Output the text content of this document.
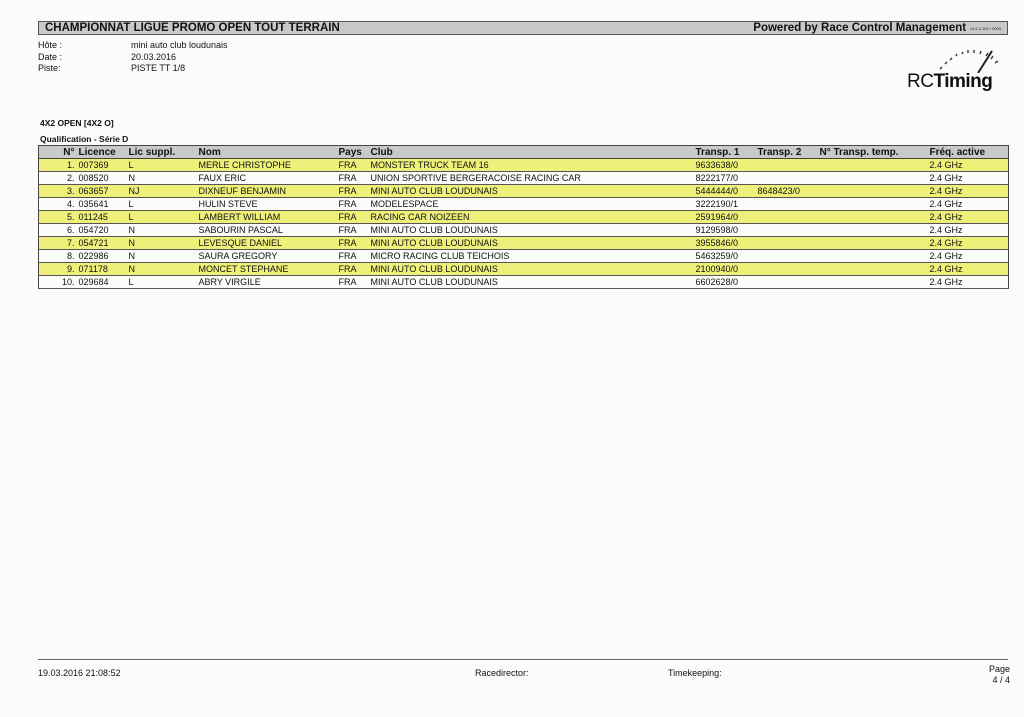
CHAMPIONNAT LIGUE PROMO OPEN TOUT TERRAIN	Powered by Race Control Management v3.2.2.102 / 0009
Hôte :	mini auto club loudunais
Date :	20.03.2016
Piste:	PISTE TT 1/8
RCTiming
4X2 OPEN [4X2 O]
Qualification - Série D
N°	Licence	Lic suppl.	Nom	Pays	Club	Transp. 1	Transp. 2	N° Transp. temp.	Fréq. active
1.	007369	L	MERLE CHRISTOPHE	FRA	MONSTER TRUCK TEAM 16	9633638/0			2.4 GHz
2.	008520	N	FAUX ERIC	FRA	UNION SPORTIVE BERGERACOISE RACING CAR	8222177/0			2.4 GHz
3.	063657	NJ	DIXNEUF BENJAMIN	FRA	MINI AUTO CLUB LOUDUNAIS	5444444/0	8648423/0		2.4 GHz
4.	035641	L	HULIN STEVE	FRA	MODELESPACE	3222190/1			2.4 GHz
5.	011245	L	LAMBERT WILLIAM	FRA	RACING CAR NOIZEEN	2591964/0			2.4 GHz
6.	054720	N	SABOURIN PASCAL	FRA	MINI AUTO CLUB LOUDUNAIS	9129598/0			2.4 GHz
7.	054721	N	LEVESQUE DANIEL	FRA	MINI AUTO CLUB LOUDUNAIS	3955846/0			2.4 GHz
8.	022986	N	SAURA GREGORY	FRA	MICRO RACING CLUB TEICHOIS	5463259/0			2.4 GHz
9.	071178	N	MONCET STEPHANE	FRA	MINI AUTO CLUB LOUDUNAIS	2100940/0			2.4 GHz
10.	029684	L	ABRY VIRGILE	FRA	MINI AUTO CLUB LOUDUNAIS	6602628/0			2.4 GHz
19.03.2016 21:08:52	Racedirector:	Timekeeping:	Page
4 / 4
